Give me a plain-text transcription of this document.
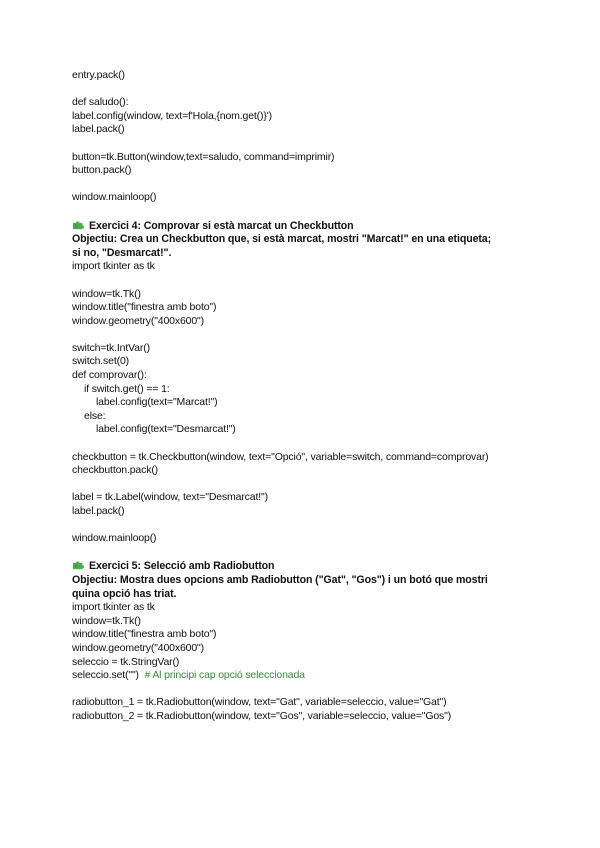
entry.pack()
def saludo():
label.config(window, text=f'Hola,{nom.get()}')
label.pack()
button=tk.Button(window,text=saludo, command=imprimir)
button.pack()
window.mainloop()
Exercici 4: Comprovar si està marcat un Checkbutton
Objectiu: Crea un Checkbutton que, si està marcat, mostri "Marcat!" en una etiqueta;
si no, "Desmarcat!".
import tkinter as tk
window=tk.Tk()
window.title("finestra amb boto")
window.geometry("400x600")
switch=tk.IntVar()
switch.set(0)
def comprovar():
if switch.get() == 1:
label.config(text="Marcat!")
else:
label.config(text="Desmarcat!")
checkbutton = tk.Checkbutton(window, text="Opció", variable=switch, command=comprovar)
checkbutton.pack()
label = tk.Label(window, text="Desmarcat!")
label.pack()
window.mainloop()
Exercici 5: Selecció amb Radiobutton
Objectiu: Mostra dues opcions amb Radiobutton ("Gat", "Gos") i un botó que mostri
quina opció has triat.
import tkinter as tk
window=tk.Tk()
window.title("finestra amb boto")
window.geometry("400x600")
seleccio = tk.StringVar()
seleccio.set("") # Al principi cap opció seleccionada
radiobutton_1 = tk.Radiobutton(window, text="Gat", variable=seleccio, value="Gat")
radiobutton_2 = tk.Radiobutton(window, text="Gos", variable=seleccio, value="Gos")
